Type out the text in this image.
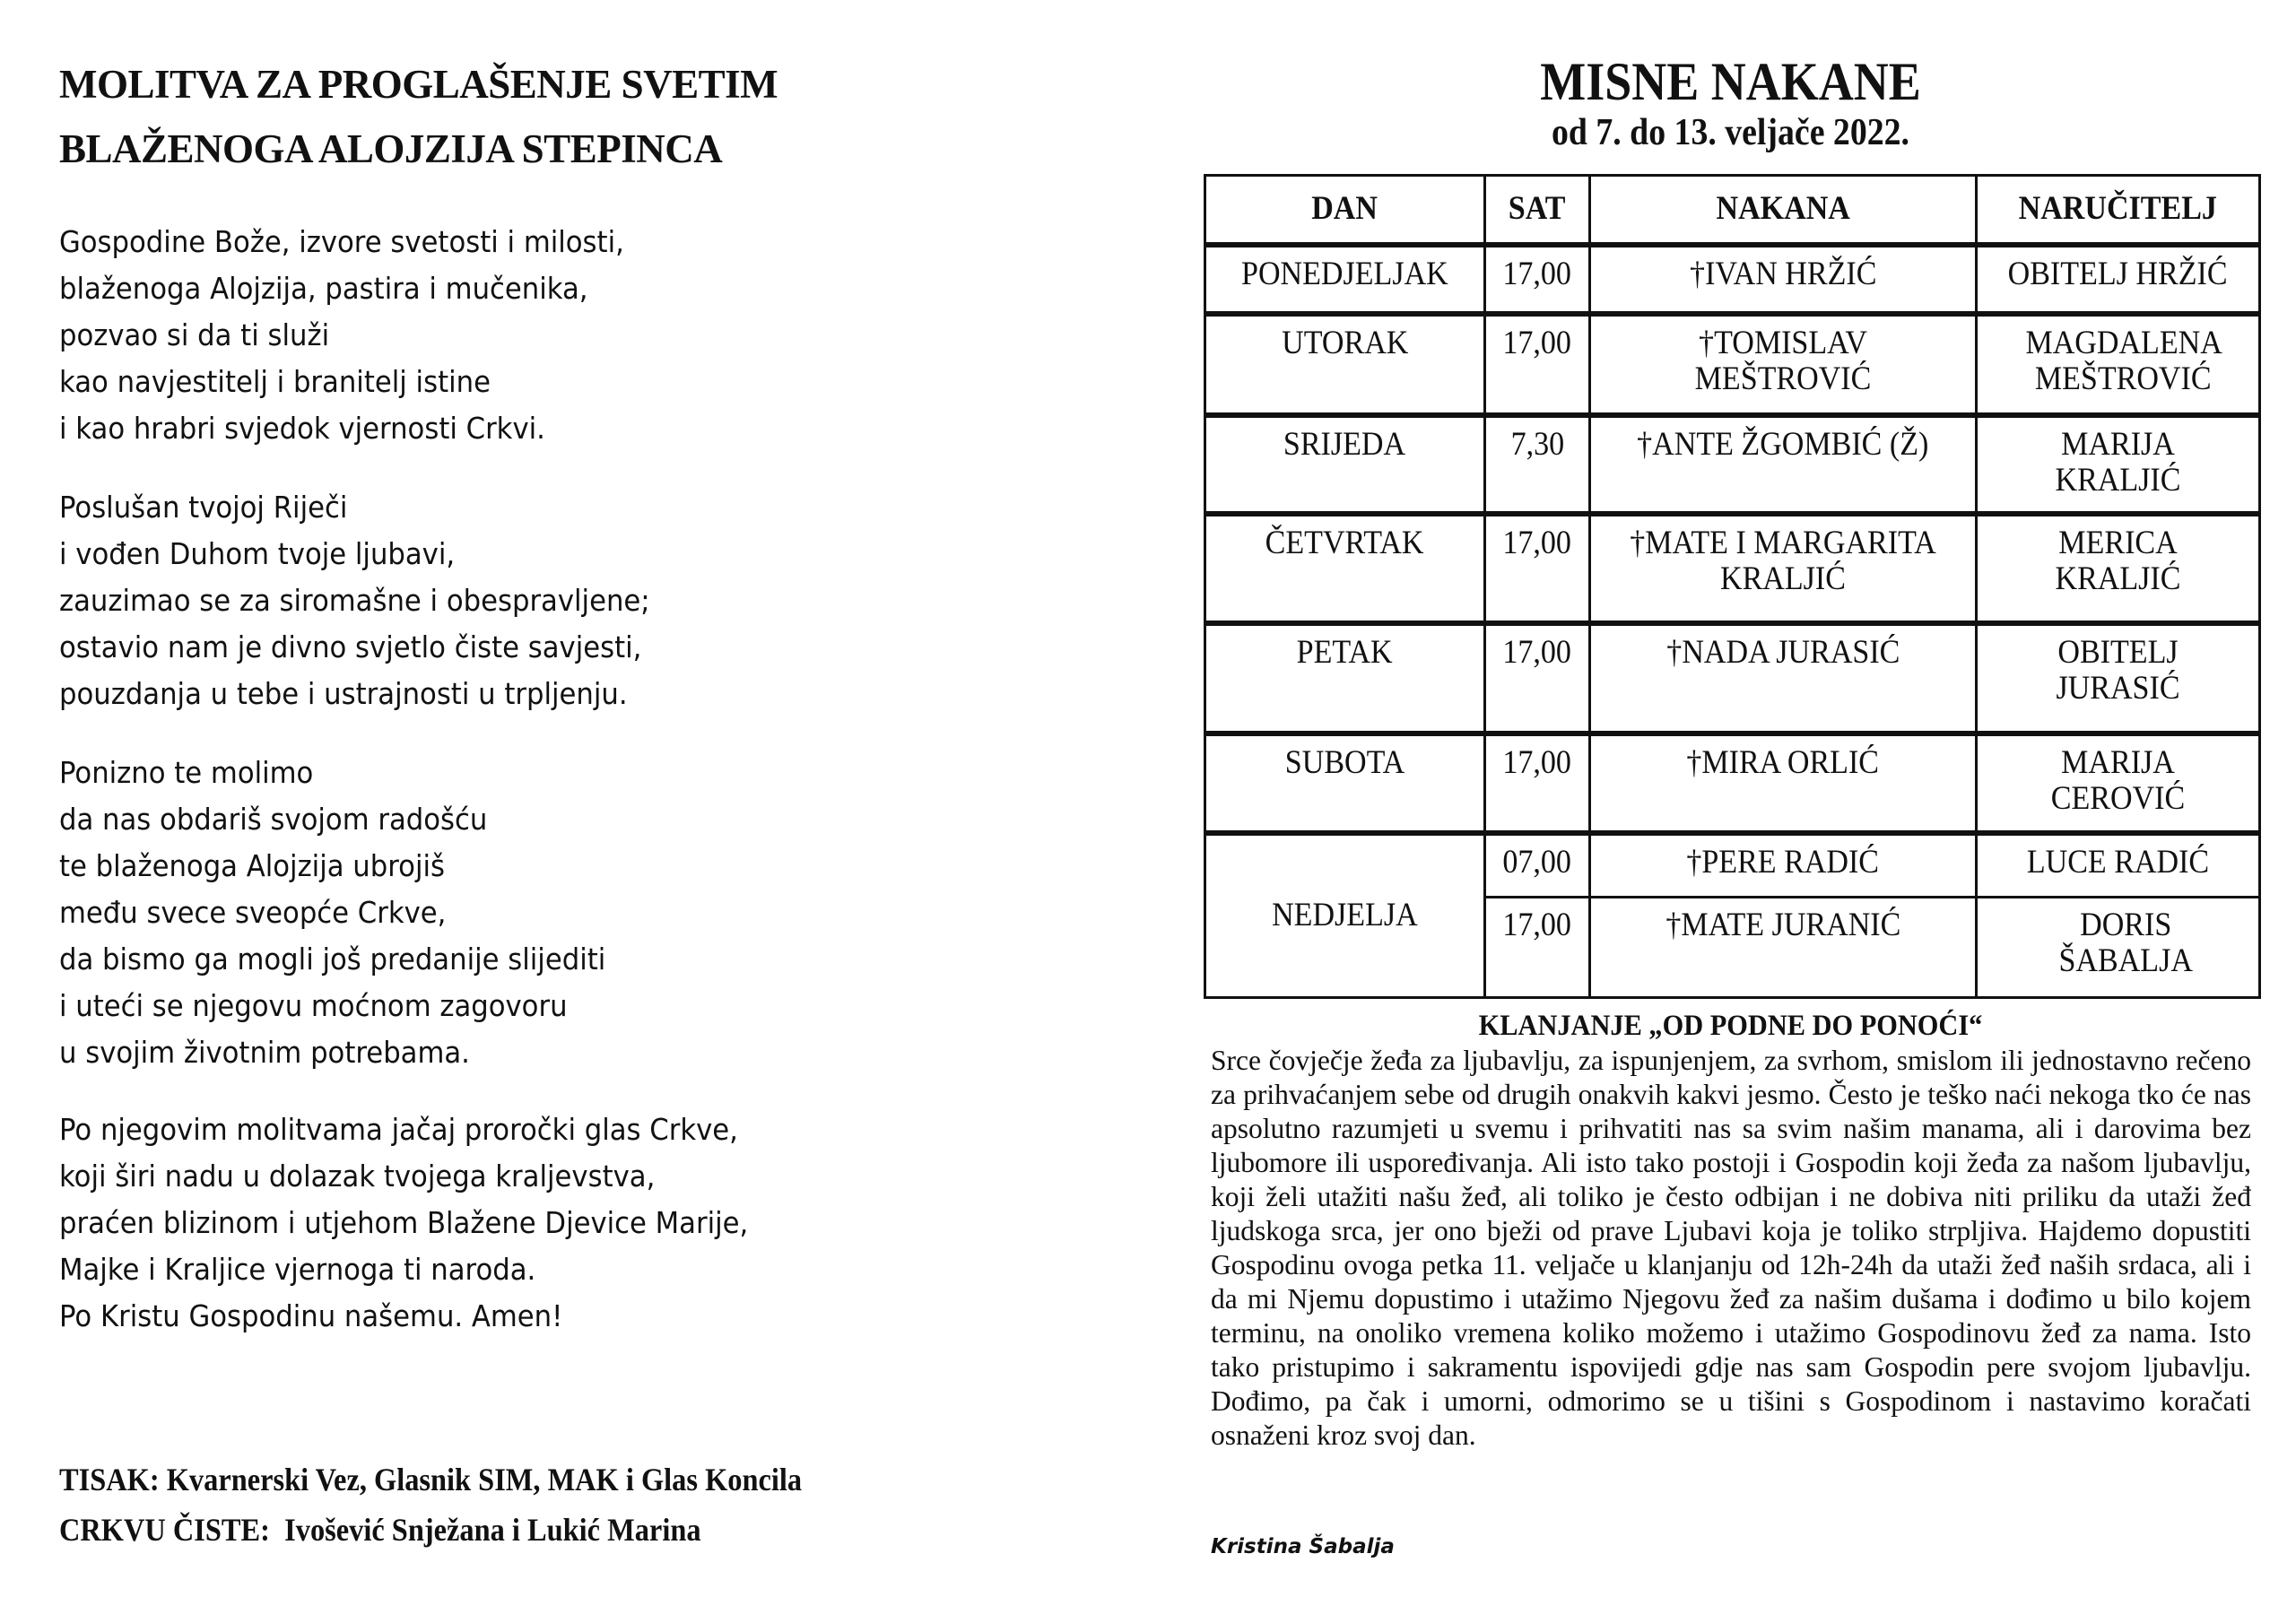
MOLITVA ZA PROGLAŠENJE SVETIM
BLAŽENOGA ALOJZIJA STEPINCA
Gospodine Bože, izvore svetosti i milosti,
blaženoga Alojzija, pastira i mučenika,
pozvao si da ti služi
kao navjestitelj i branitelj istine
i kao hrabri svjedok vjernosti Crkvi.
Poslušan tvojoj Riječi
i vođen Duhom tvoje ljubavi,
zauzimao se za siromašne i obespravljene;
ostavio nam je divno svjetlo čiste savjesti,
pouzdanja u tebe i ustrajnosti u trpljenju.
Ponizno te molimo
da nas obdariš svojom radošću
te blaženoga Alojzija ubrojiš
među svece sveopće Crkve,
da bismo ga mogli još predanije slijediti
i uteći se njegovu moćnom zagovoru
u svojim životnim potrebama.
Po njegovim molitvama jačaj proročki glas Crkve,
koji širi nadu u dolazak tvojega kraljevstva,
praćen blizinom i utjehom Blažene Djevice Marije,
Majke i Kraljice vjernoga ti naroda.
Po Kristu Gospodinu našemu. Amen!
TISAK: Kvarnerski Vez, Glasnik SIM, MAK i Glas Koncila
CRKVU ČISTE:  Ivošević Snježana i Lukić Marina
MISNE NAKANE
od 7. do 13. veljače 2022.
DAN	SAT	NAKANA	NARUČITELJ
PONEDJELJAK	17,00	†IVAN HRŽIĆ	OBITELJ HRŽIĆ
UTORAK	17,00	†TOMISLAV MEŠTROVIĆ	MAGDALENA MEŠTROVIĆ
SRIJEDA	7,30	†ANTE ŽGOMBIĆ (Ž)	MARIJA KRALJIĆ
ČETVRTAK	17,00	†MATE I MARGARITA KRALJIĆ	MERICA KRALJIĆ
PETAK	17,00	†NADA JURASIĆ	OBITELJ JURASIĆ
SUBOTA	17,00	†MIRA ORLIĆ	MARIJA CEROVIĆ
NEDJELJA	07,00	†PERE RADIĆ	LUCE RADIĆ
	17,00	†MATE JURANIĆ	DORIS ŠABALJA
KLANJANJE „OD PODNE DO PONOĆI“
Srce čovječje žeđa za ljubavlju, za ispunjenjem, za svrhom, smislom ili jednostavno rečeno za prihvaćanjem sebe od drugih onakvih kakvi jesmo. Često je teško naći nekoga tko će nas apsolutno razumjeti u svemu i prihvatiti nas sa svim našim manama, ali i darovima bez ljubomore ili uspoređivanja. Ali isto tako postoji i Gospodin koji žeđa za našom ljubavlju, koji želi utažiti našu žeđ, ali toliko je često odbijan i ne dobiva niti priliku da utaži žeđ ljudskoga srca, jer ono bježi od prave Ljubavi koja je toliko strpljiva. Hajdemo dopustiti Gospodinu ovoga petka 11. veljače u klanjanju od 12h-24h da utaži žeđ naših srdaca, ali i da mi Njemu dopustimo i utažimo Njegovu žeđ za našim dušama i dođimo u bilo kojem terminu, na onoliko vremena koliko možemo i utažimo Gospodinovu žeđ za nama. Isto tako pristupimo i sakramentu ispovijedi gdje nas sam Gospodin pere svojom ljubavlju. Dođimo, pa čak i umorni, odmorimo se u tišini s Gospodinom i nastavimo koračati osnaženi kroz svoj dan.
Kristina Šabalja
